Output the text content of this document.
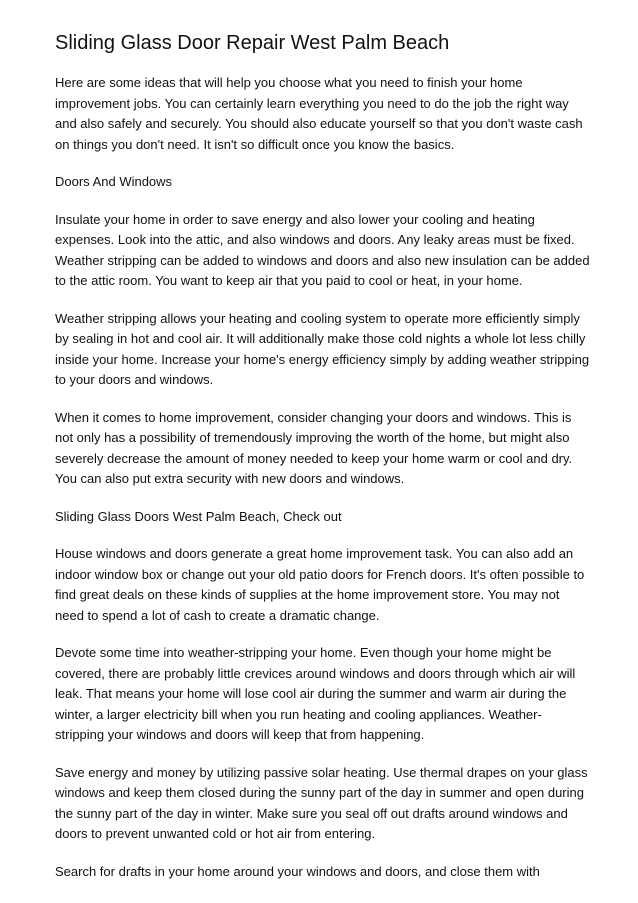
Sliding Glass Door Repair West Palm Beach

Here are some ideas that will help you choose what you need to finish your home improvement jobs. You can certainly learn everything you need to do the job the right way and also safely and securely. You should also educate yourself so that you don't waste cash on things you don't need. It isn't so difficult once you know the basics.

Doors And Windows

Insulate your home in order to save energy and also lower your cooling and heating expenses. Look into the attic, and also windows and doors. Any leaky areas must be fixed. Weather stripping can be added to windows and doors and also new insulation can be added to the attic room. You want to keep air that you paid to cool or heat, in your home.

Weather stripping allows your heating and cooling system to operate more efficiently simply by sealing in hot and cool air. It will additionally make those cold nights a whole lot less chilly inside your home. Increase your home's energy efficiency simply by adding weather stripping to your doors and windows.

When it comes to home improvement, consider changing your doors and windows. This is not only has a possibility of tremendously improving the worth of the home, but might also severely decrease the amount of money needed to keep your home warm or cool and dry. You can also put extra security with new doors and windows.

Sliding Glass Doors West Palm Beach, Check out

House windows and doors generate a great home improvement task. You can also add an indoor window box or change out your old patio doors for French doors. It's often possible to find great deals on these kinds of supplies at the home improvement store. You may not need to spend a lot of cash to create a dramatic change.

Devote some time into weather-stripping your home. Even though your home might be covered, there are probably little crevices around windows and doors through which air will leak. That means your home will lose cool air during the summer and warm air during the winter, a larger electricity bill when you run heating and cooling appliances. Weather-stripping your windows and doors will keep that from happening.

Save energy and money by utilizing passive solar heating. Use thermal drapes on your glass windows and keep them closed during the sunny part of the day in summer and open during the sunny part of the day in winter. Make sure you seal off out drafts around windows and doors to prevent unwanted cold or hot air from entering.

Search for drafts in your home around your windows and doors, and close them with
